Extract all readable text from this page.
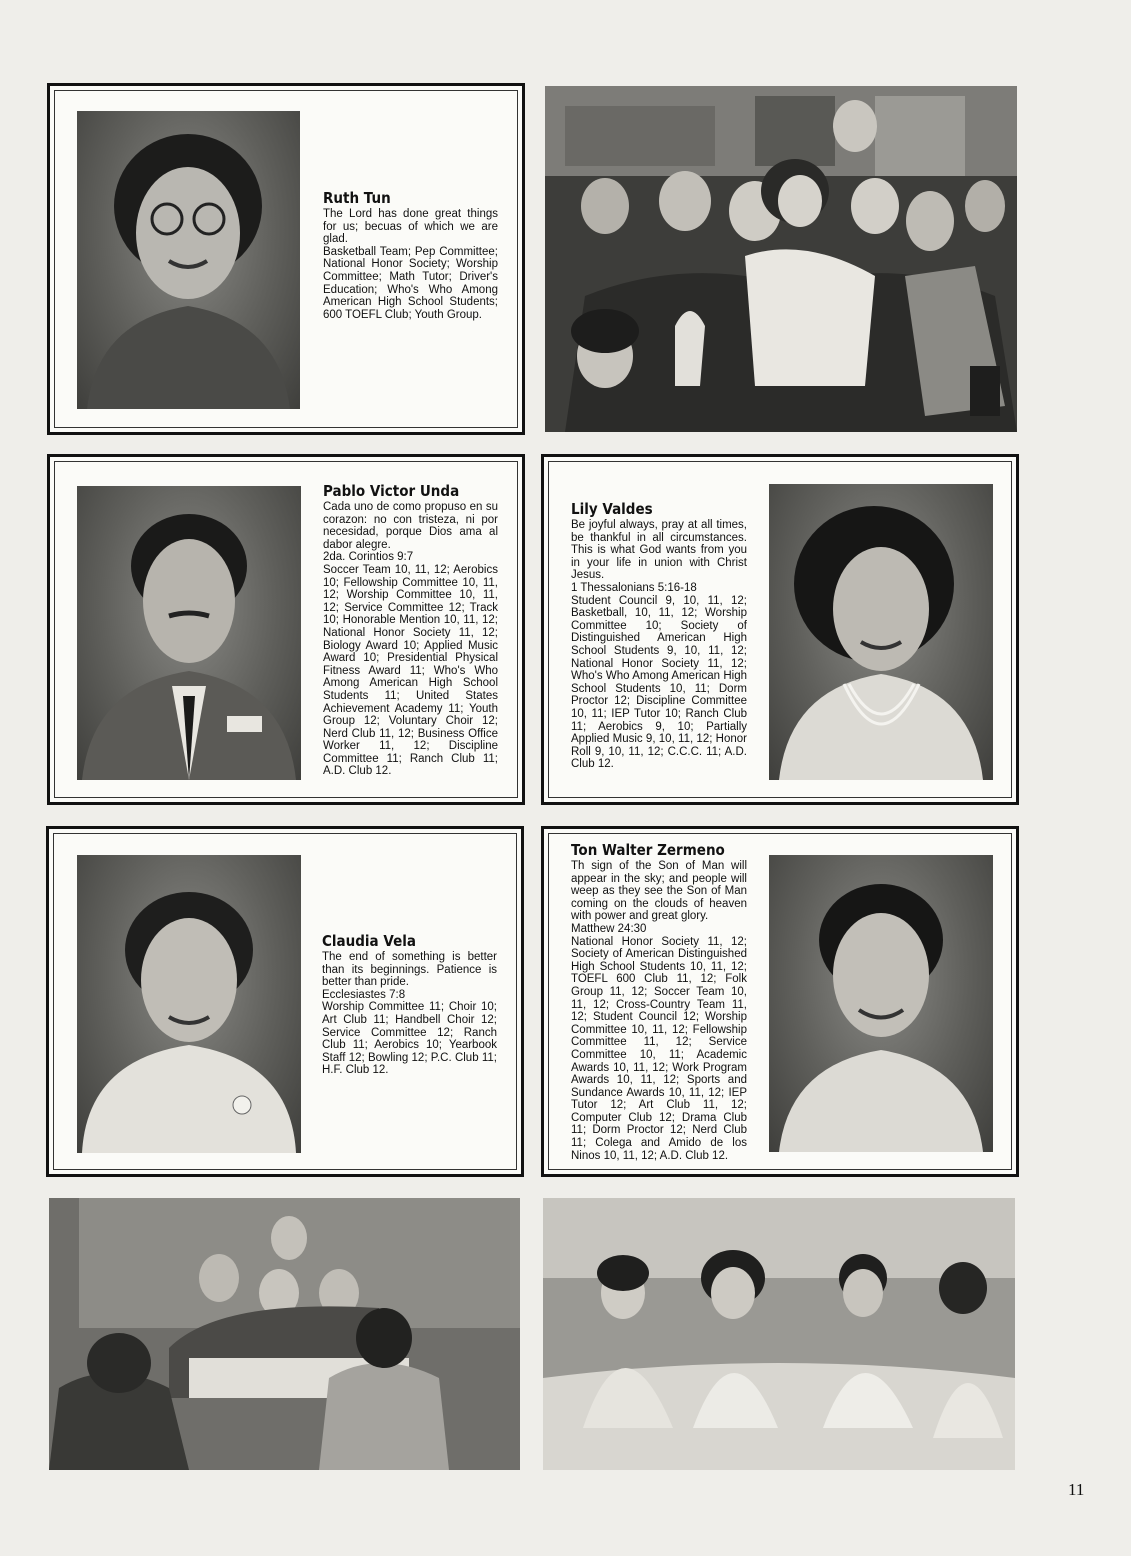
Ruth Tun

The Lord has done great things for us; becuas of which we are glad.

Basketball Team; Pep Committee; National Honor Society; Worship Committee; Math Tutor; Driver's Education; Who's Who Among American High School Students; 600 TOEFL Club; Youth Group.

Pablo Victor Unda

Cada uno de como propuso en su corazon: no con tristeza, ni por necesidad, porque Dios ama al dabor alegre.

2da. Corintios 9:7

Soccer Team 10, 11, 12; Aerobics 10; Fellowship Committee 10, 11, 12; Worship Committee 10, 11, 12; Service Committee 12; Track 10; Honorable Mention 10, 11, 12; National Honor Society 11, 12; Biology Award 10; Applied Music Award 10; Presidential Physical Fitness Award 11; Who's Who Among American High School Students 11; United States Achievement Academy 11; Youth Group 12; Voluntary Choir 12; Nerd Club 11, 12; Business Office Worker 11, 12; Discipline Committee 11; Ranch Club 11; A.D. Club 12.

Lily Valdes

Be joyful always, pray at all times, be thankful in all circumstances. This is what God wants from you in your life in union with Christ Jesus.

1 Thessalonians 5:16-18

Student Council 9, 10, 11, 12; Basketball, 10, 11, 12; Worship Committee 10; Society of Distinguished American High School Students 9, 10, 11, 12; National Honor Society 11, 12; Who's Who Among American High School Students 10, 11; Dorm Proctor 12; Discipline Committee 10, 11; IEP Tutor 10; Ranch Club 11; Aerobics 9, 10; Partially Applied Music 9, 10, 11, 12; Honor Roll 9, 10, 11, 12; C.C.C. 11; A.D. Club 12.

Claudia Vela

The end of something is better than its beginnings. Patience is better than pride.

Ecclesiastes 7:8

Worship Committee 11; Choir 10; Art Club 11; Handbell Choir 12; Service Committee 12; Ranch Club 11; Aerobics 10; Yearbook Staff 12; Bowling 12; P.C. Club 11; H.F. Club 12.

Ton Walter Zermeno

Th sign of the Son of Man will appear in the sky; and people will weep as they see the Son of Man coming on the clouds of heaven with power and great glory.

Matthew 24:30

National Honor Society 11, 12; Society of American Distinguished High School Students 10, 11, 12; TOEFL 600 Club 11, 12; Folk Group 11, 12; Soccer Team 10, 11, 12; Cross-Country Team 11, 12; Student Council 12; Worship Committee 10, 11, 12; Fellowship Committee 11, 12; Service Committee 10, 11; Academic Awards 10, 11, 12; Work Program Awards 10, 11, 12; Sports and Sundance Awards 10, 11, 12; IEP Tutor 12; Art Club 11, 12; Computer Club 12; Drama Club 11; Dorm Proctor 12; Nerd Club 11; Colega and Amido de los Ninos 10, 11, 12; A.D. Club 12.

11
